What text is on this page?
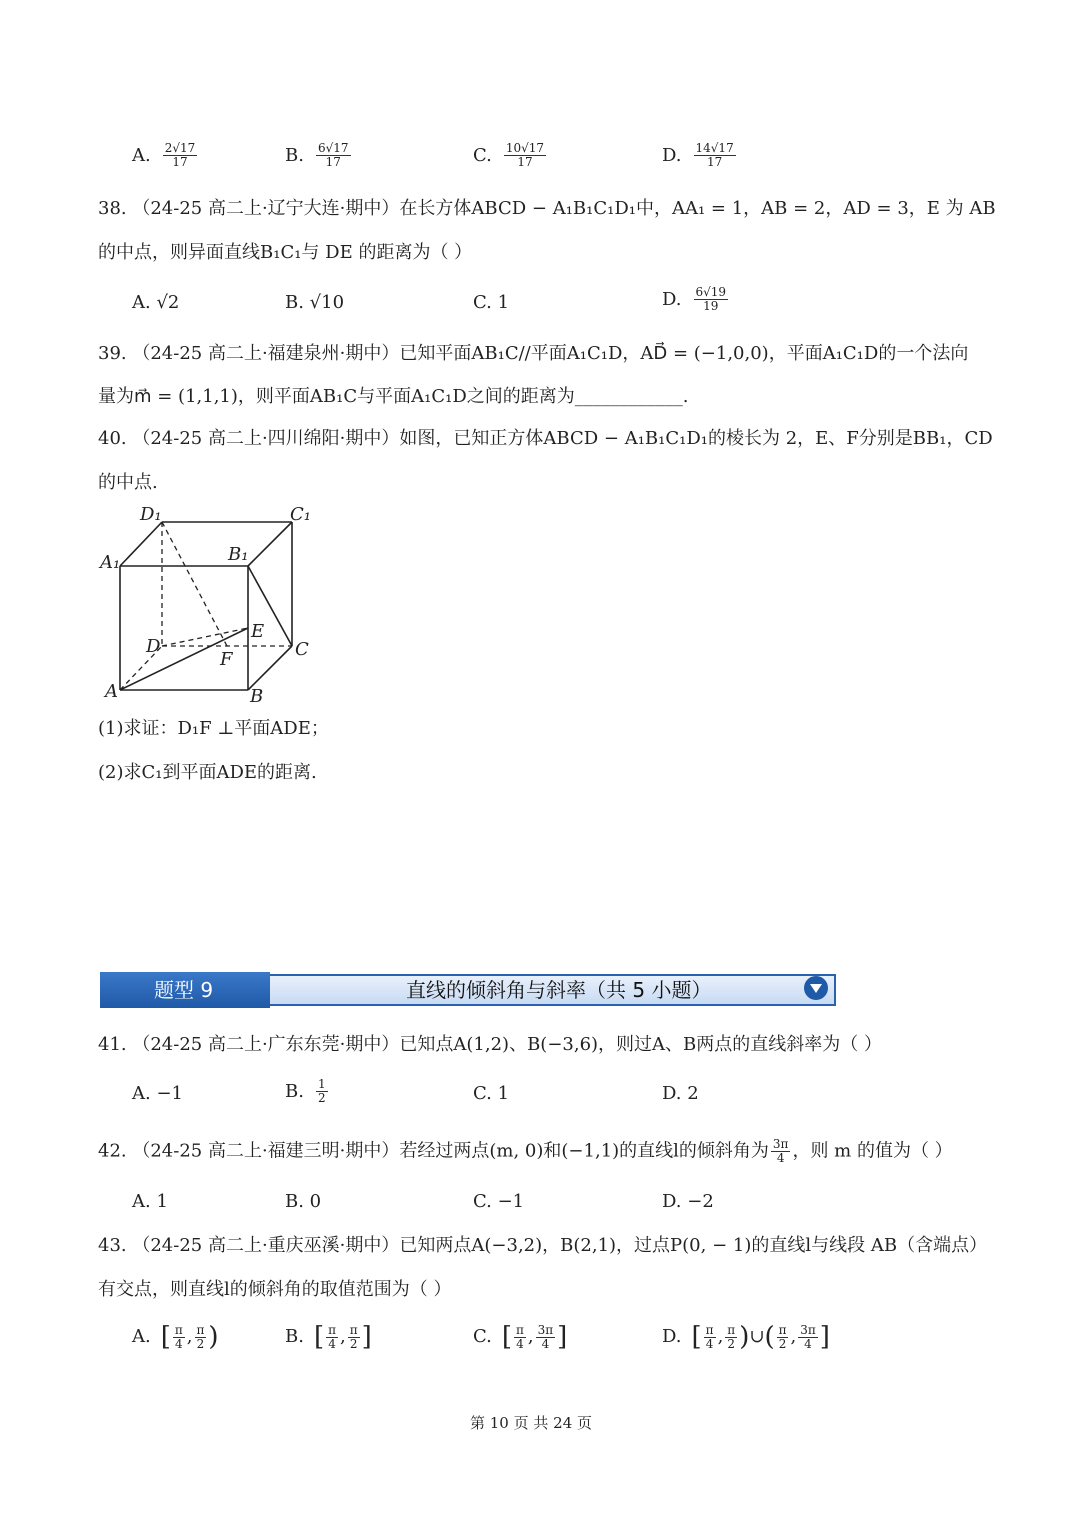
A. $\frac{2√17}{17}$	B. $\frac{6√17}{17}$	C. $\frac{10√17}{17}$	D. $\frac{14√17}{17}$
38. （24-25 高二上·辽宁大连·期中）在长方体ABCD − A₁B₁C₁D₁中，AA₁ = 1，AB = 2，AD = 3，E 为 AB
的中点，则异面直线B₁C₁与 DE 的距离为（ ）
A. √2	B. √10	C. 1	D. $\frac{6√19}{19}$
39. （24-25 高二上·福建泉州·期中）已知平面AB₁C//平面A₁C₁D，AD⃗ = (−1,0,0)，平面A₁C₁D的一个法向
量为m⃗ = (1,1,1)，则平面AB₁C与平面A₁C₁D之间的距离为____________.
40. （24-25 高二上·四川绵阳·期中）如图，已知正方体ABCD − A₁B₁C₁D₁的棱长为 2，E、F分别是BB₁，CD
的中点.
D₁	C₁
A₁	B₁
D
E
F	C
A	B
(1)求证：D₁F ⊥平面ADE；
(2)求C₁到平面ADE的距离.
直线的倾斜角与斜率（共 5 小题）
题型 9
41. （24-25 高二上·广东东莞·期中）已知点A(1,2)、B(−3,6)，则过A、B两点的直线斜率为（ ）
A. −1	B. $\frac{1}{2}$	C. 1	D. 2
42. （24-25 高二上·福建三明·期中）若经过两点(m, 0)和(−1,1)的直线l的倾斜角为 $\frac{3\pi}{4}$ ，则 m 的值为（ ）
A. 1	B. 0	C. −1	D. −2
43. （24-25 高二上·重庆巫溪·期中）已知两点A(−3,2)，B(2,1)，过点P(0, − 1)的直线l与线段 AB（含端点）
有交点，则直线l的倾斜角的取值范围为（ ）
A. [ $\frac{\pi}{4}$ , $\frac{\pi}{2}$ )	B. [ $\frac{\pi}{4}$ , $\frac{\pi}{2}$ ]	C. [ $\frac{\pi}{4}$ , $\frac{3\pi}{4}$ ]	D. [ $\frac{\pi}{4}$ , $\frac{\pi}{2}$ )∪( $\frac{\pi}{2}$ , $\frac{3\pi}{4}$ ]
第 10 页 共 24 页
